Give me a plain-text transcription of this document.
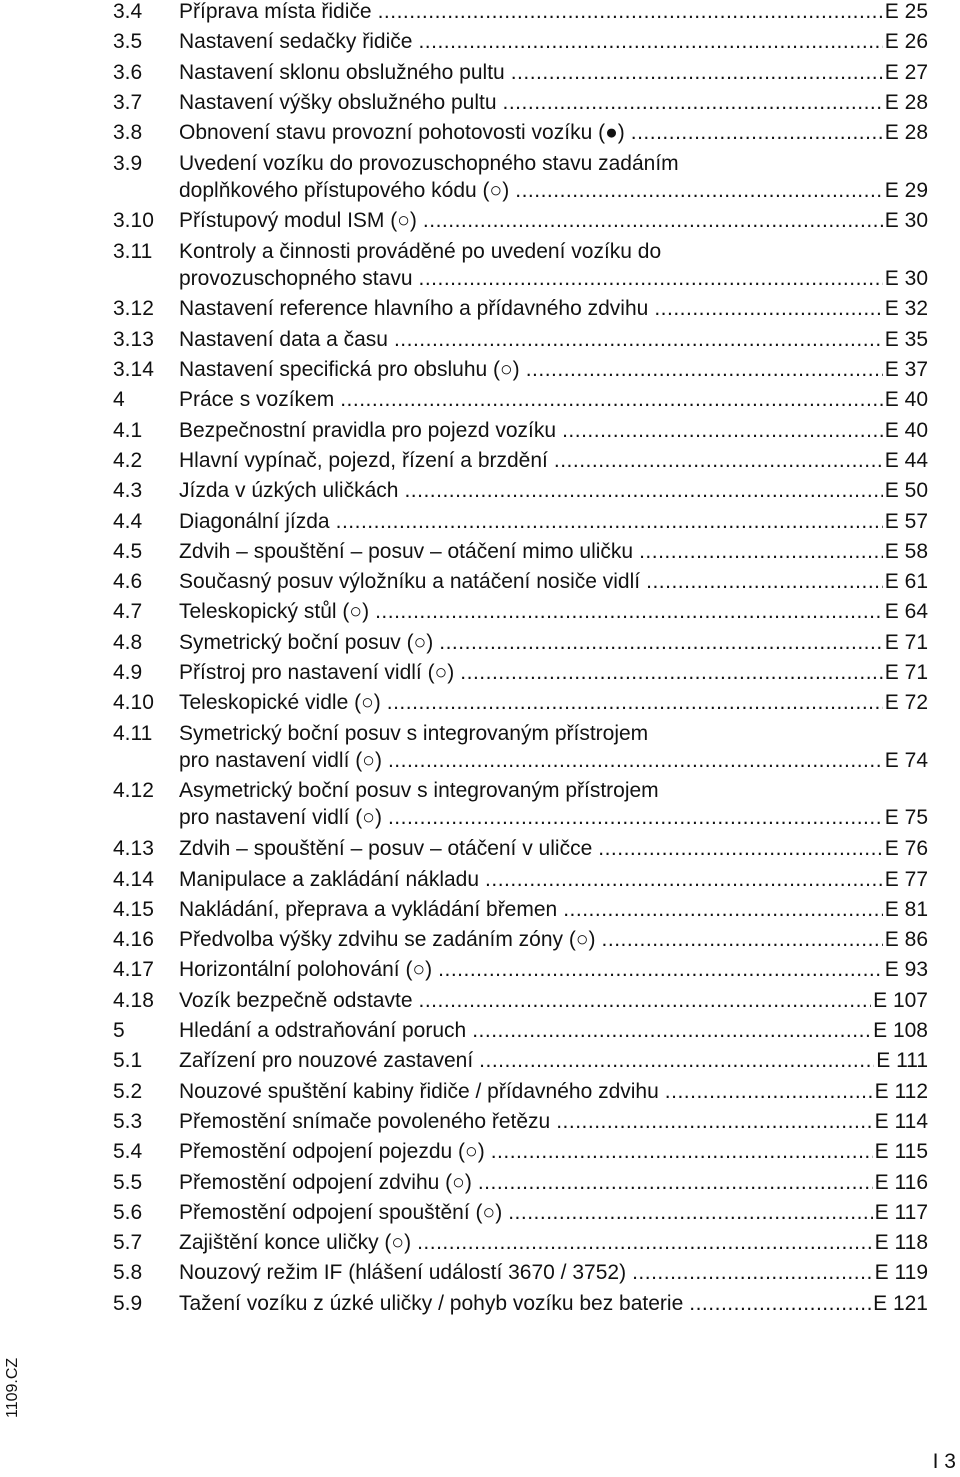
3.4 Příprava místa řidiče .....	E 25
3.5 Nastavení sedačky řidiče .....	E 26
3.6 Nastavení sklonu obslužného pultu .....	E 27
3.7 Nastavení výšky obslužného pultu .....	E 28
3.8 Obnovení stavu provozní pohotovosti vozíku (●) .....	E 28
3.9 Uvedení vozíku do provozuschopného stavu zadáním
doplňkového přístupového kódu (○) .....	E 29
3.10 Přístupový modul ISM (○) .....	E 30
3.11 Kontroly a činnosti prováděné po uvedení vozíku do
provozuschopného stavu .....	E 30
3.12 Nastavení reference hlavního a přídavného zdvihu .....	E 32
3.13 Nastavení data a času .....	E 35
3.14 Nastavení specifická pro obsluhu (○) .....	E 37
4	Práce s vozíkem .....	E 40
4.1 Bezpečnostní pravidla pro pojezd vozíku .....	E 40
4.2 Hlavní vypínač, pojezd, řízení a brzdění .....	E 44
4.3 Jízda v úzkých uličkách .....	E 50
4.4 Diagonální jízda .....	E 57
4.5 Zdvih – spouštění – posuv – otáčení mimo uličku .....	E 58
4.6 Současný posuv výložníku a natáčení nosiče vidlí .....	E 61
4.7 Teleskopický stůl (○) .....	E 64
4.8 Symetrický boční posuv (○) .....	E 71
4.9 Přístroj pro nastavení vidlí (○) .....	E 71
4.10 Teleskopické vidle (○) .....	E 72
4.11 Symetrický boční posuv s integrovaným přístrojem
pro nastavení vidlí (○) .....	E 74
4.12 Asymetrický boční posuv s integrovaným přístrojem
pro nastavení vidlí (○) .....	E 75
4.13 Zdvih – spouštění – posuv – otáčení v uličce .....	E 76
4.14 Manipulace a zakládání nákladu .....	E 77
4.15 Nakládání, přeprava a vykládání břemen .....	E 81
4.16 Předvolba výšky zdvihu se zadáním zóny (○) .....	E 86
4.17 Horizontální polohování (○) .....	E 93
4.18 Vozík bezpečně odstavte .....	E 107
5	Hledání a odstraňování poruch .....	E 108
5.1 Zařízení pro nouzové zastavení .....	E 111
5.2 Nouzové spuštění kabiny řidiče / přídavného zdvihu .....	E 112
5.3 Přemostění snímače povoleného řetězu .....	E 114
5.4 Přemostění odpojení pojezdu (○) .....	E 115
5.5 Přemostění odpojení zdvihu (○) .....	E 116
5.6 Přemostění odpojení spouštění (○) .....	E 117
5.7 Zajištění konce uličky (○) .....	E 118
5.8 Nouzový režim IF (hlášení událostí 3670 / 3752) .....	E 119
5.9 Tažení vozíku z úzké uličky / pohyb vozíku bez baterie .....	E 121
1109.CZ
I 3
